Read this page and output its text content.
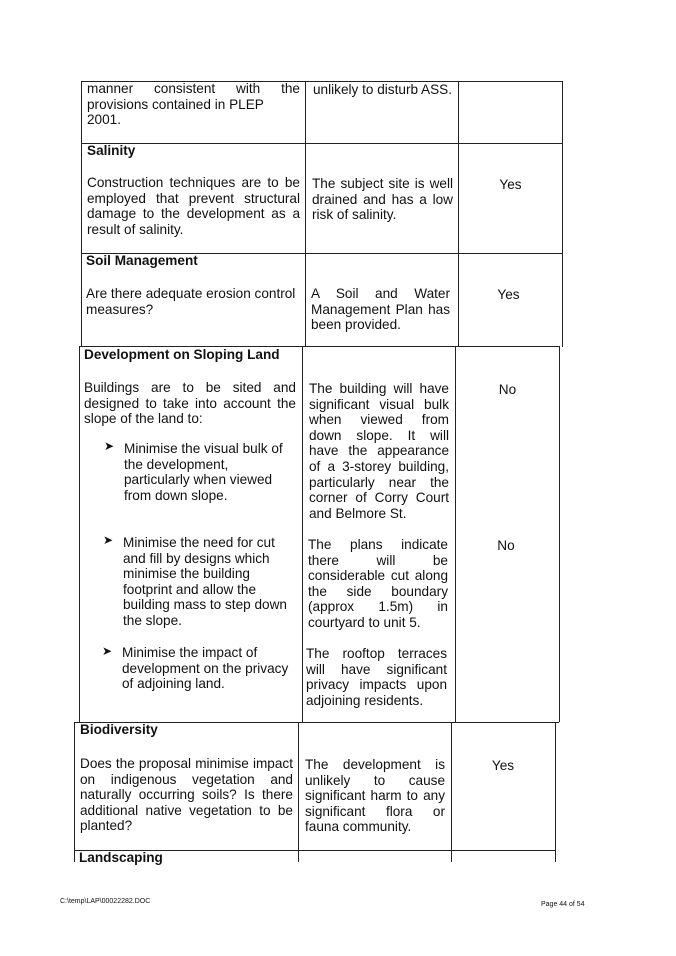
manner consistent with the
provisions contained in PLEP
2001.
unlikely to disturb ASS.
Salinity
Construction techniques are to be
employed that prevent structural
damage to the development as a
result of salinity.
The subject site is well
drained and has a low
risk of salinity.
Yes
Soil Management
Are there adequate erosion control
measures?
A Soil and Water
Management Plan has
been provided.
Yes
Development on Sloping Land
Buildings are to be sited and
designed to take into account the
slope of the land to:
➤ Minimise the visual bulk of
the development,
particularly when viewed
from down slope.
The building will have
significant visual bulk
when viewed from
down slope. It will
have the appearance
of a 3-storey building,
particularly near the
corner of Corry Court
and Belmore St.
No
➤ Minimise the need for cut
and fill by designs which
minimise the building
footprint and allow the
building mass to step down
the slope.
The plans indicate
there will be
considerable cut along
the side boundary
(approx 1.5m) in
courtyard to unit 5.
No
➤ Minimise the impact of
development on the privacy
of adjoining land.
The rooftop terraces
will have significant
privacy impacts upon
adjoining residents.
Biodiversity
Does the proposal minimise impact
on indigenous vegetation and
naturally occurring soils? Is there
additional native vegetation to be
planted?
The development is
unlikely to cause
significant harm to any
significant flora or
fauna community.
Yes
Landscaping
C:\temp\LAP\00022282.DOC	Page 44 of 54
